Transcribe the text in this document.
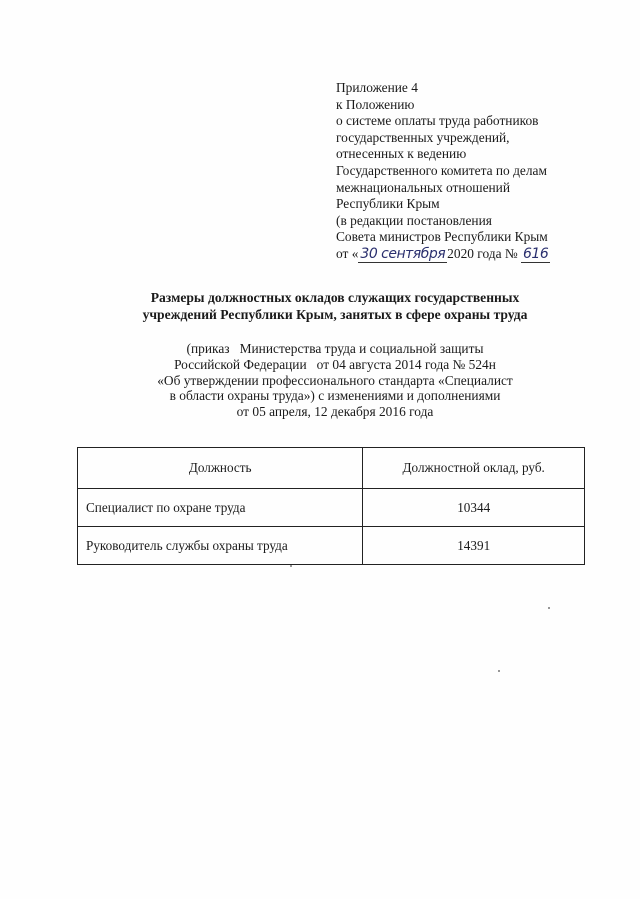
Приложение 4
к Положению
о системе оплаты труда работников
государственных учреждений,
отнесенных к ведению
Государственного комитета по делам
межнациональных отношений
Республики Крым
(в редакции постановления
Совета министров Республики Крым
от « 30 сентября 2020 года № 616
Размеры должностных окладов служащих государственных
учреждений Республики Крым, занятых в сфере охраны труда
(приказ   Министерства труда и социальной защиты
Российской Федерации   от 04 августа 2014 года № 524н
«Об утверждении профессионального стандарта «Специалист
в области охраны труда») с изменениями и дополнениями
от 05 апреля, 12 декабря 2016 года
Должность	Должностной оклад, руб.
Специалист по охране труда	10344
Руководитель службы охраны труда	14391
